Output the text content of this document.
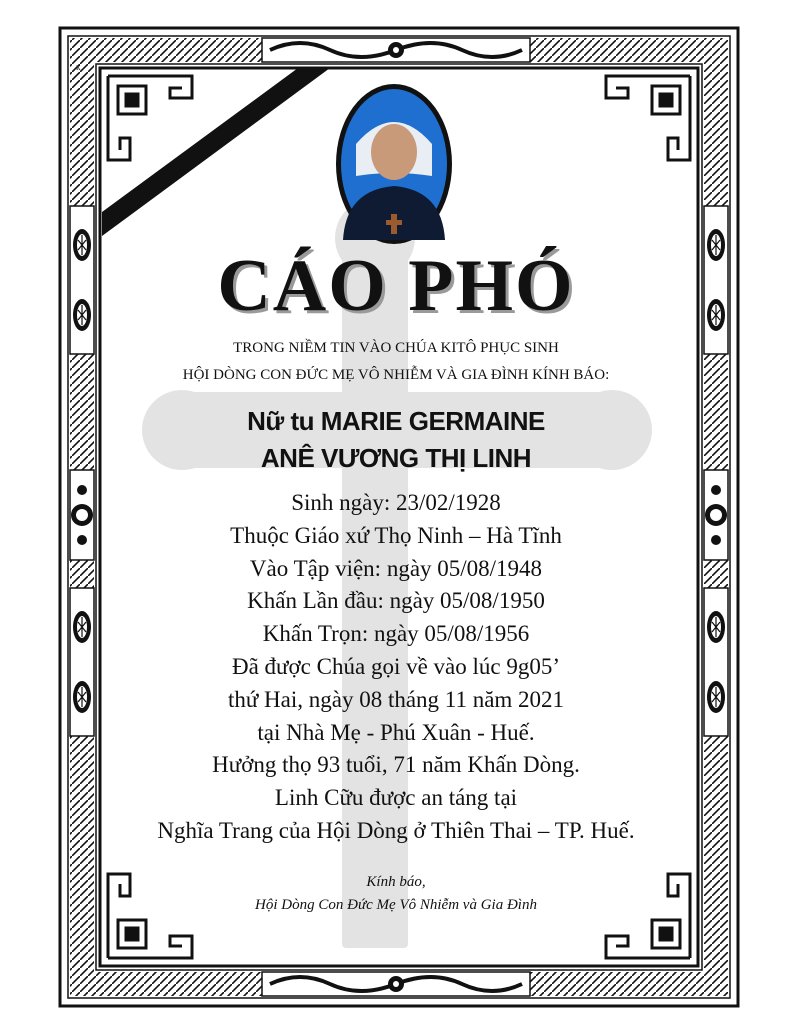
ĸ
CÁO PHÓ
TRONG NIỀM TIN VÀO CHÚA KITÔ PHỤC SINH
HỘI DÒNG CON ĐỨC MẸ VÔ NHIỄM VÀ GIA ĐÌNH KÍNH BÁO:
Nữ tu MARIE GERMAINE
ANÊ VƯƠNG THỊ LINH
Sinh ngày: 23/02/1928
Thuộc Giáo xứ Thọ Ninh – Hà Tĩnh
Vào Tập viện: ngày 05/08/1948
Khấn Lần đầu: ngày 05/08/1950
Khấn Trọn: ngày 05/08/1956
Đã được Chúa gọi về vào lúc 9g05’
thứ Hai, ngày 08 tháng 11 năm 2021
tại Nhà Mẹ - Phú Xuân - Huế.
Hưởng thọ 93 tuổi, 71 năm Khấn Dòng.
Linh Cữu được an táng tại
Nghĩa Trang của Hội Dòng ở Thiên Thai – TP. Huế.
Kính báo,
Hội Dòng Con Đức Mẹ Vô Nhiễm và Gia Đình
